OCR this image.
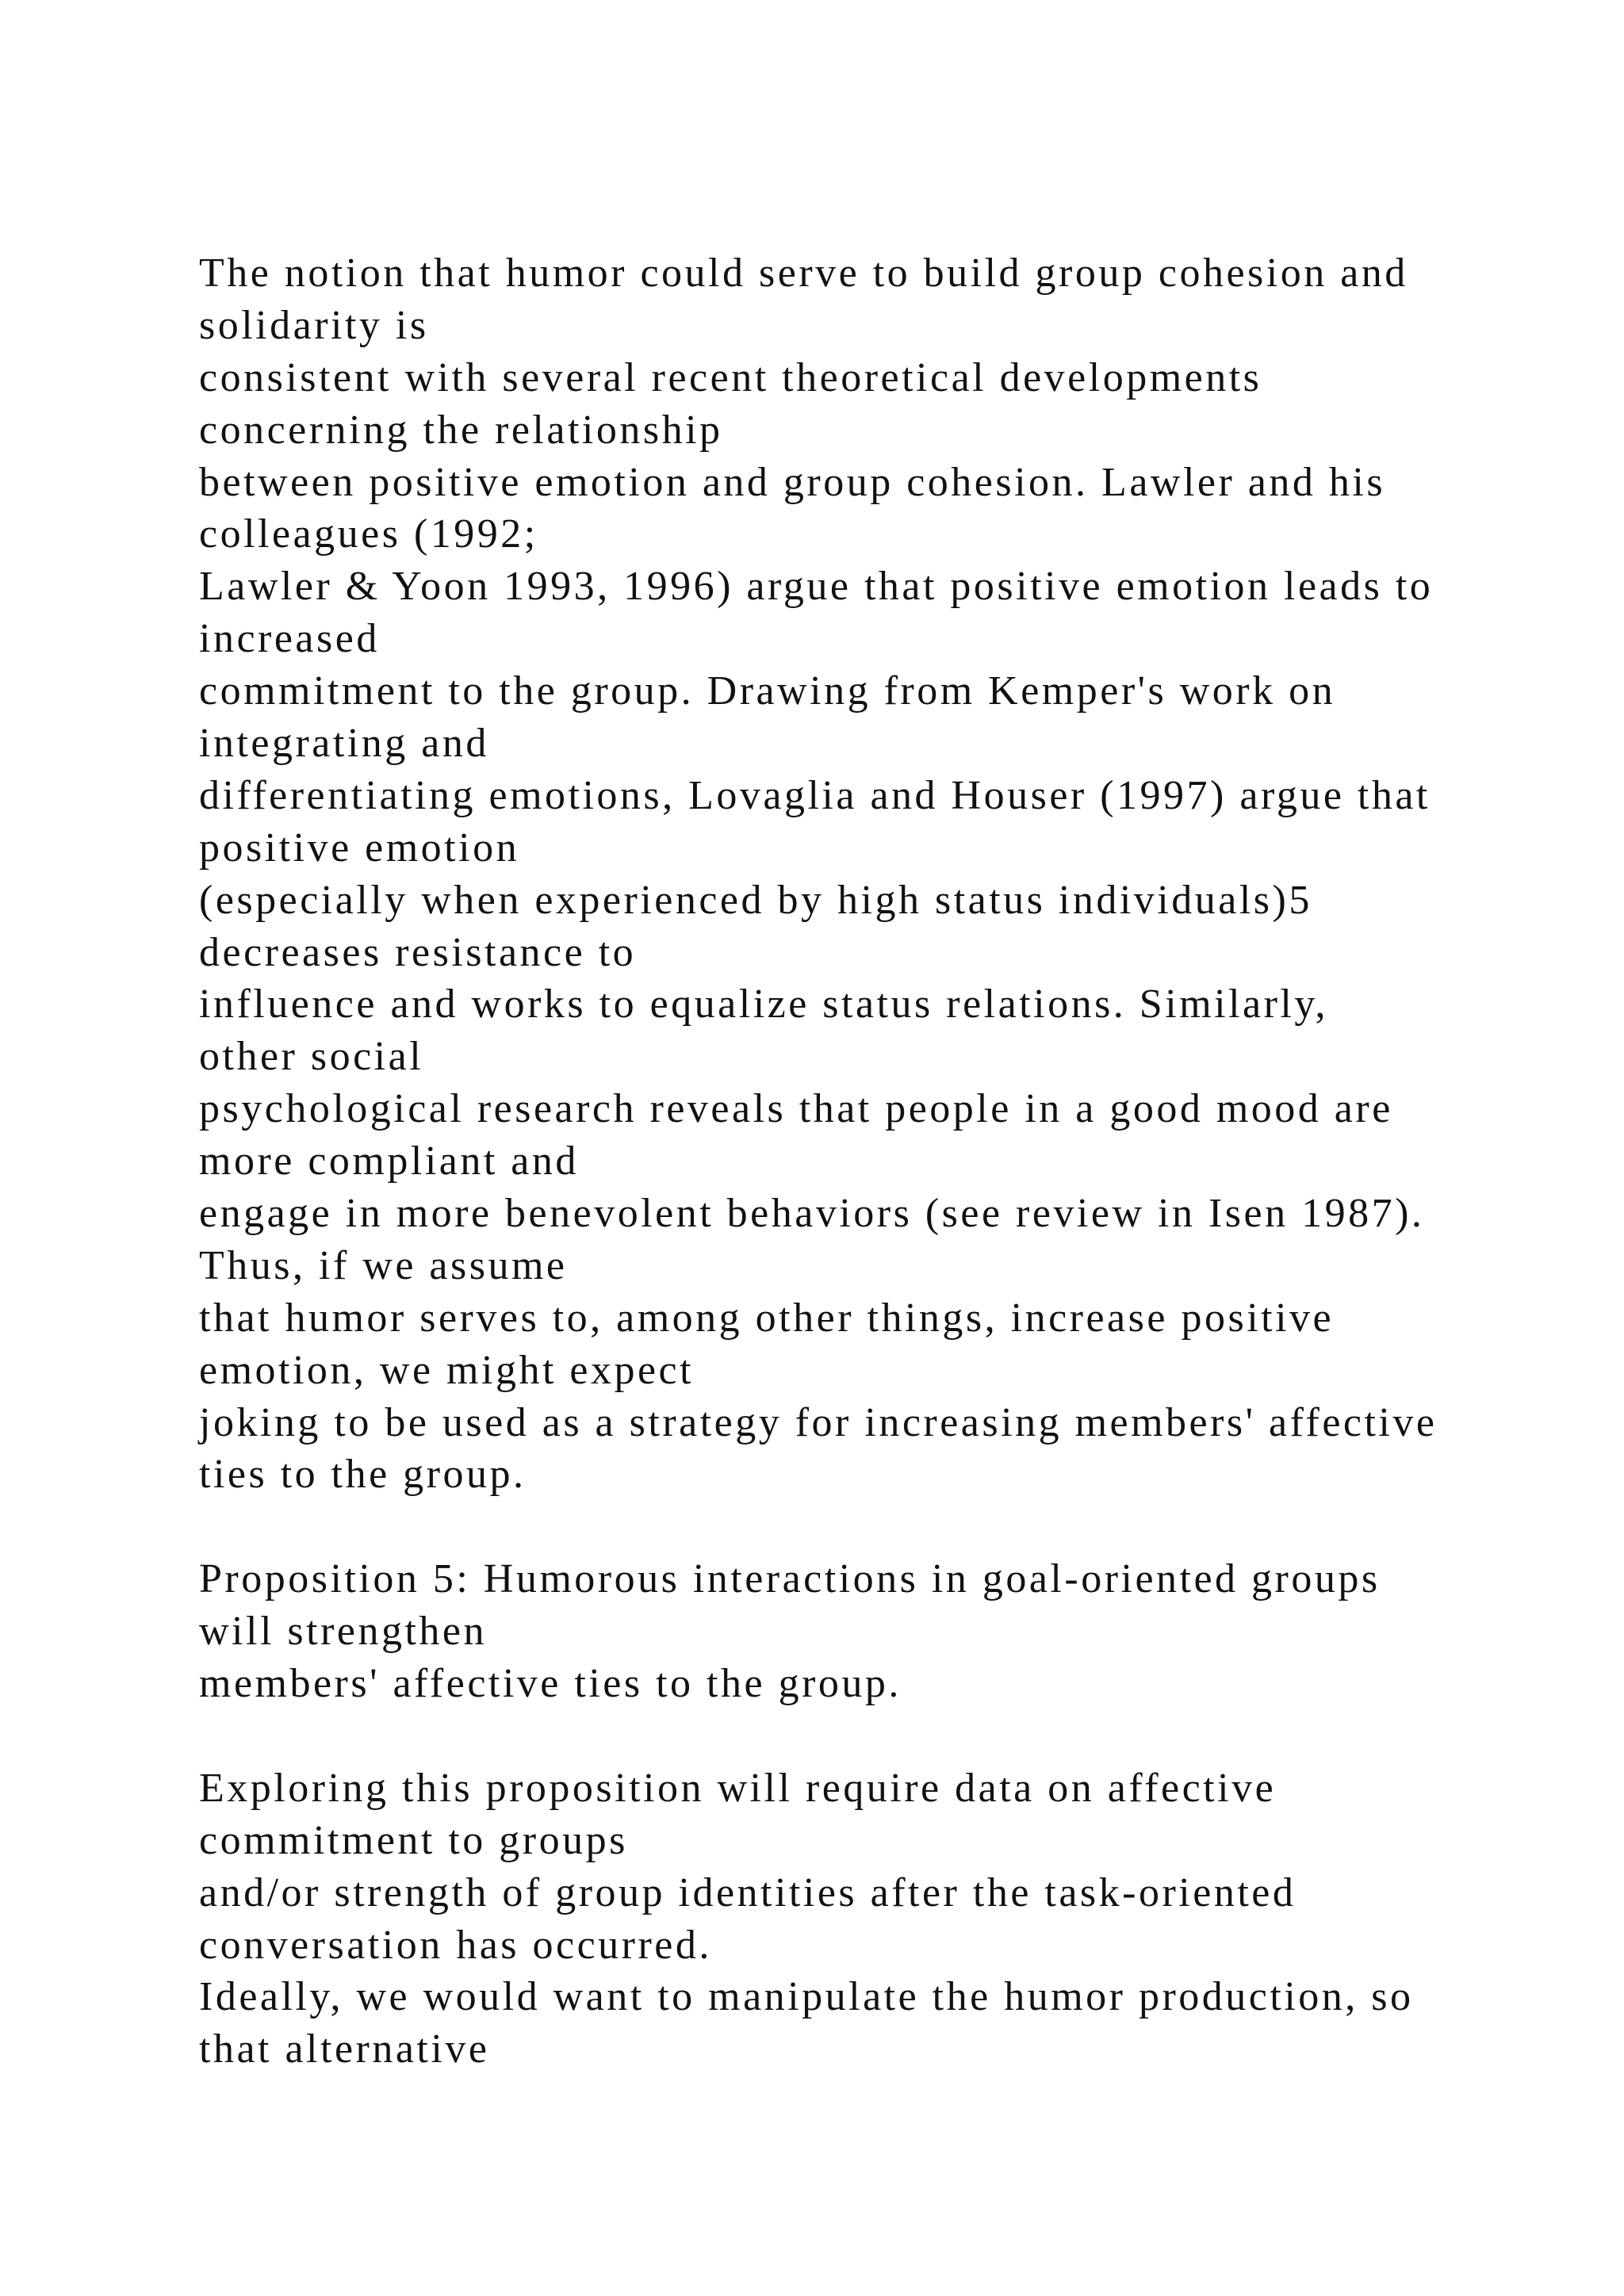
The notion that humor could serve to build group cohesion and
solidarity is
consistent with several recent theoretical developments
concerning the relationship
between positive emotion and group cohesion. Lawler and his
colleagues (1992;
Lawler & Yoon 1993, 1996) argue that positive emotion leads to
increased
commitment to the group. Drawing from Kemper's work on
integrating and
differentiating emotions, Lovaglia and Houser (1997) argue that
positive emotion
(especially when experienced by high status individuals)5
decreases resistance to
influence and works to equalize status relations. Similarly,
other social
psychological research reveals that people in a good mood are
more compliant and
engage in more benevolent behaviors (see review in Isen 1987).
Thus, if we assume
that humor serves to, among other things, increase positive
emotion, we might expect
joking to be used as a strategy for increasing members' affective
ties to the group.
Proposition 5: Humorous interactions in goal-oriented groups
will strengthen
members' affective ties to the group.
Exploring this proposition will require data on affective
commitment to groups
and/or strength of group identities after the task-oriented
conversation has occurred.
Ideally, we would want to manipulate the humor production, so
that alternative
